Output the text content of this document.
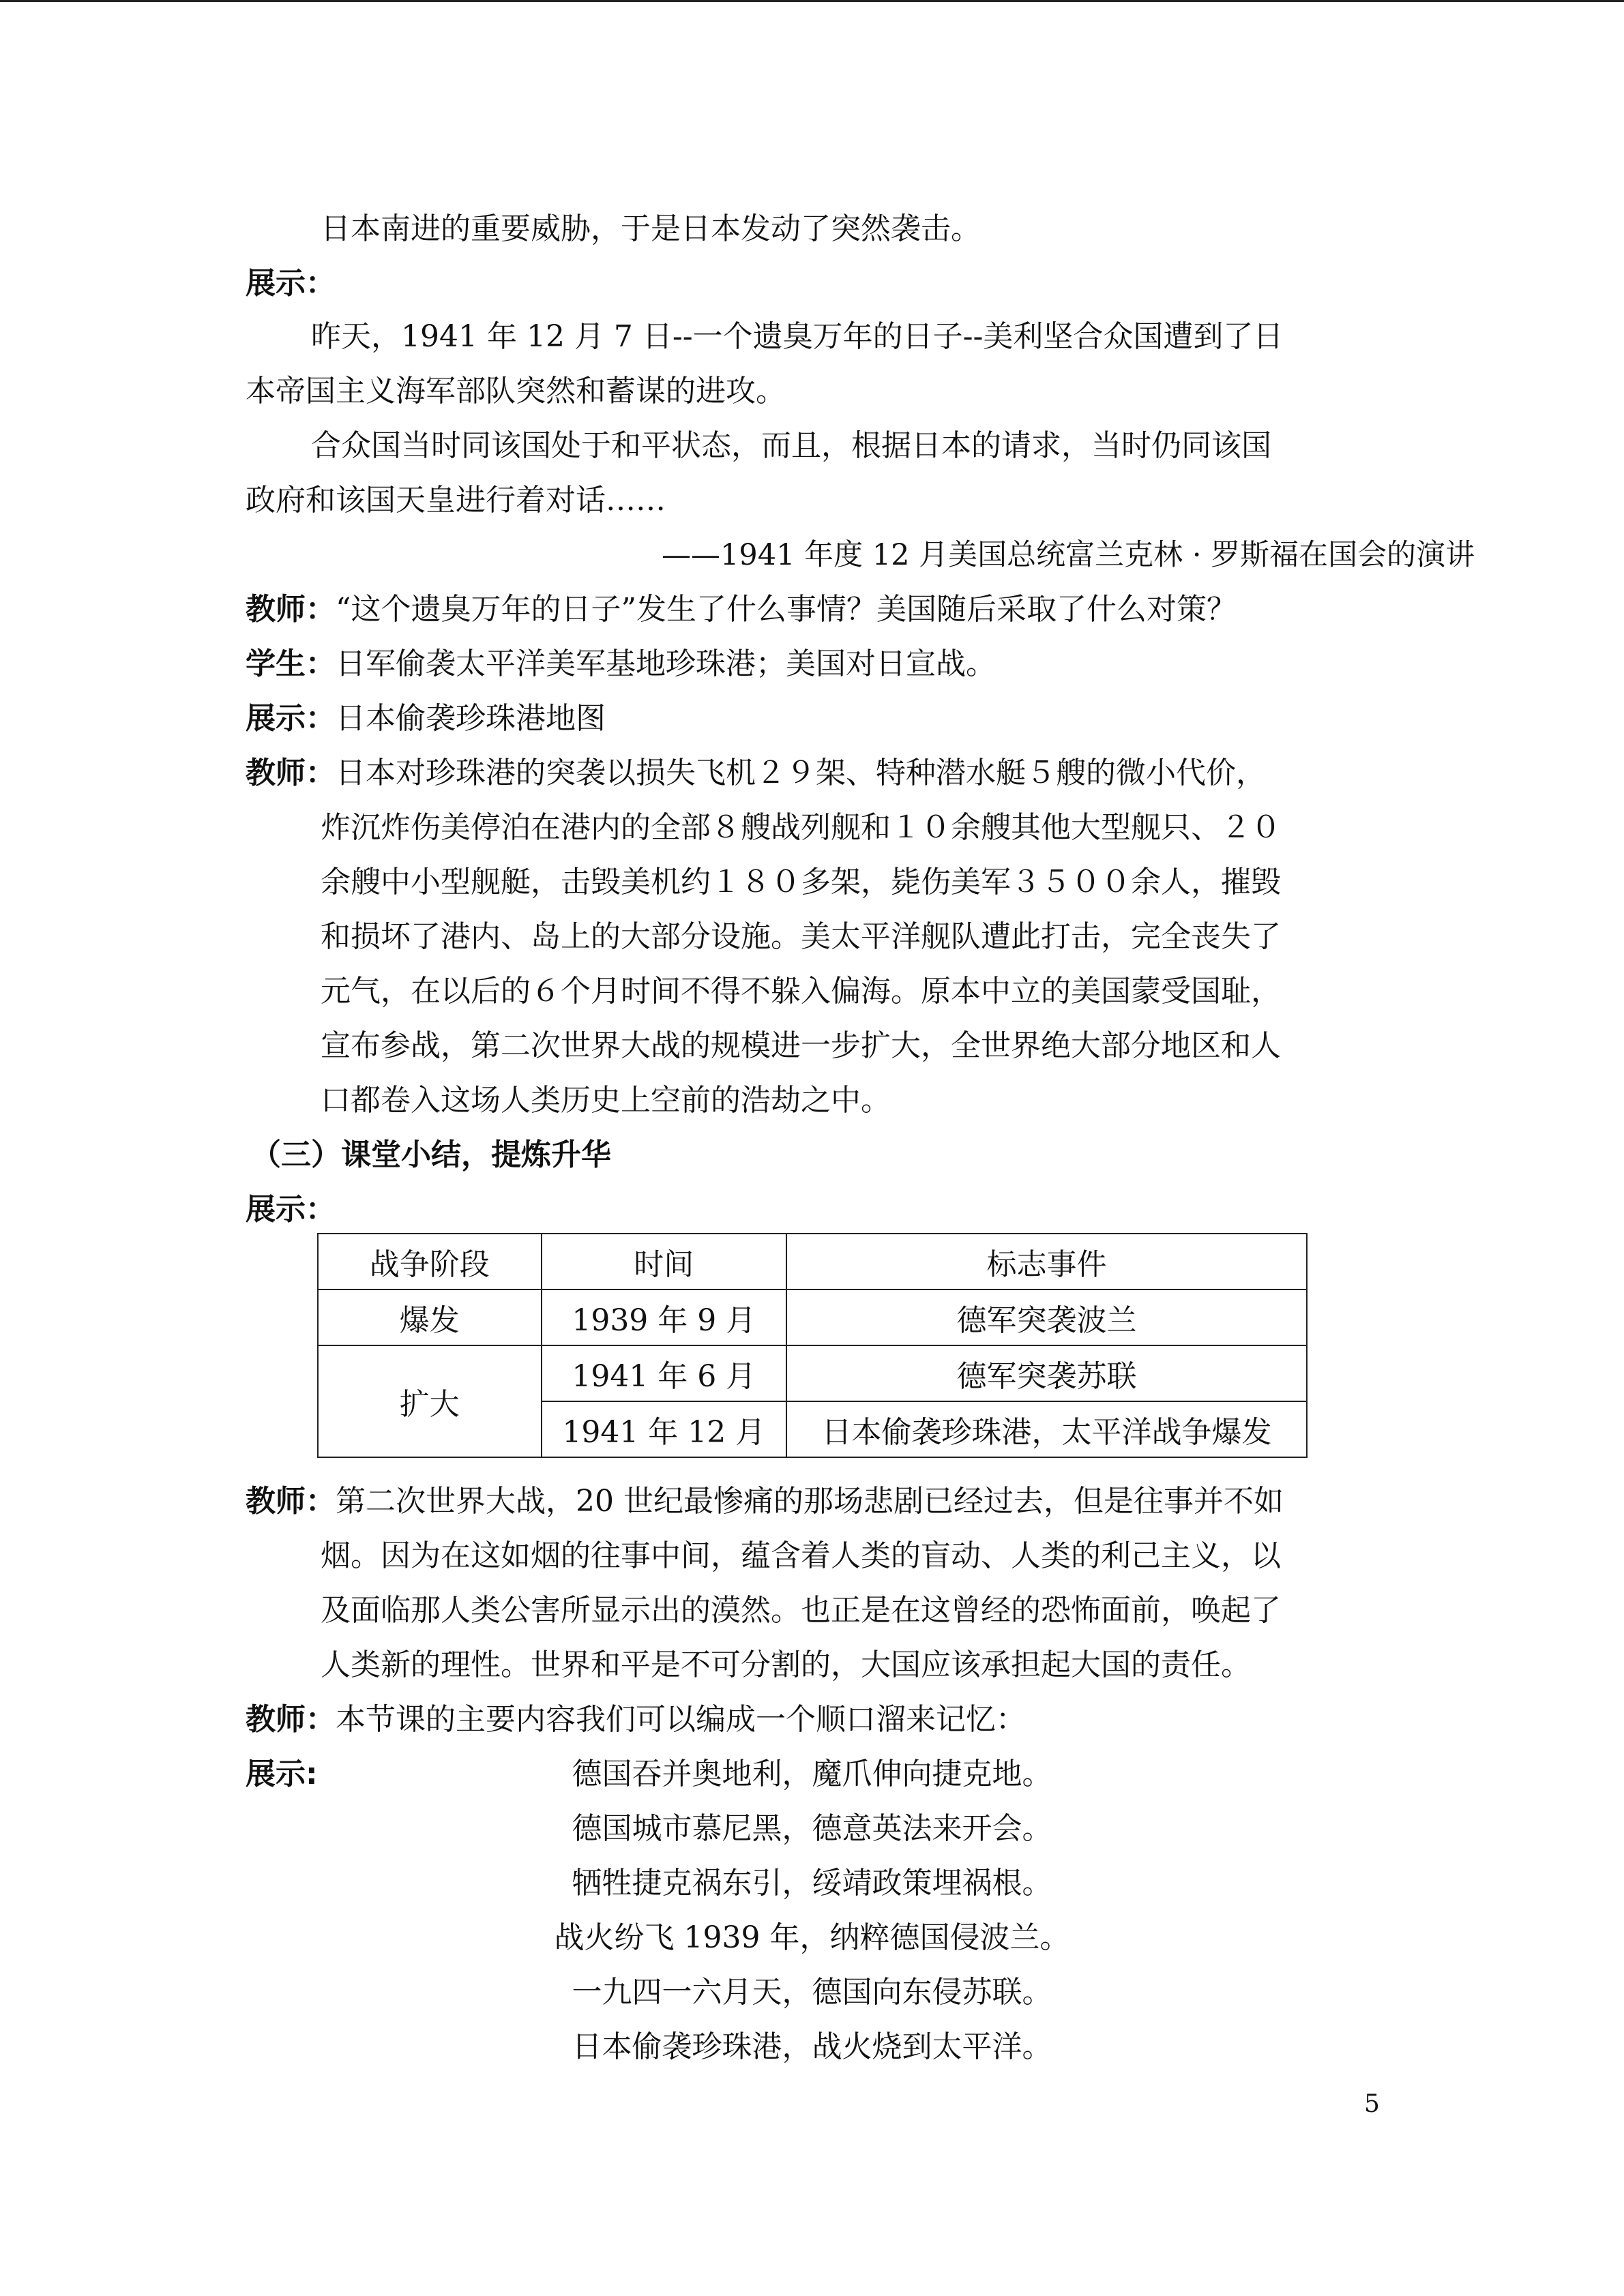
日本南进的重要威胁，于是日本发动了突然袭击。
展示：
昨天，1941 年 12 月 7 日--一个遗臭万年的日子--美利坚合众国遭到了日
本帝国主义海军部队突然和蓄谋的进攻。
合众国当时同该国处于和平状态，而且，根据日本的请求，当时仍同该国
政府和该国天皇进行着对话……
——1941 年度 12 月美国总统富兰克林 · 罗斯福在国会的演讲
教师：“这个遗臭万年的日子”发生了什么事情？美国随后采取了什么对策？
学生：日军偷袭太平洋美军基地珍珠港；美国对日宣战。
展示：日本偷袭珍珠港地图
教师：日本对珍珠港的突袭以损失飞机２９架、特种潜水艇５艘的微小代价，
炸沉炸伤美停泊在港内的全部８艘战列舰和１０余艘其他大型舰只、２０
余艘中小型舰艇，击毁美机约１８０多架，毙伤美军３５００余人，摧毁
和损坏了港内、岛上的大部分设施。美太平洋舰队遭此打击，完全丧失了
元气，在以后的６个月时间不得不躲入偏海。原本中立的美国蒙受国耻，
宣布参战，第二次世界大战的规模进一步扩大，全世界绝大部分地区和人
口都卷入这场人类历史上空前的浩劫之中。
（三）课堂小结，提炼升华
展示：
战争阶段	时间	标志事件
爆发	1939 年 9 月	德军突袭波兰
扩大	1941 年 6 月	德军突袭苏联
	1941 年 12 月	日本偷袭珍珠港，太平洋战争爆发
教师：第二次世界大战，20 世纪最惨痛的那场悲剧已经过去，但是往事并不如
烟。因为在这如烟的往事中间，蕴含着人类的盲动、人类的利己主义，以
及面临那人类公害所显示出的漠然。也正是在这曾经的恐怖面前，唤起了
人类新的理性。世界和平是不可分割的，大国应该承担起大国的责任。
教师：本节课的主要内容我们可以编成一个顺口溜来记忆：
展示:	德国吞并奥地利，魔爪伸向捷克地。
德国城市慕尼黑，德意英法来开会。
牺牲捷克祸东引，绥靖政策埋祸根。
战火纷飞 1939 年，纳粹德国侵波兰。
一九四一六月天，德国向东侵苏联。
日本偷袭珍珠港，战火烧到太平洋。
5
